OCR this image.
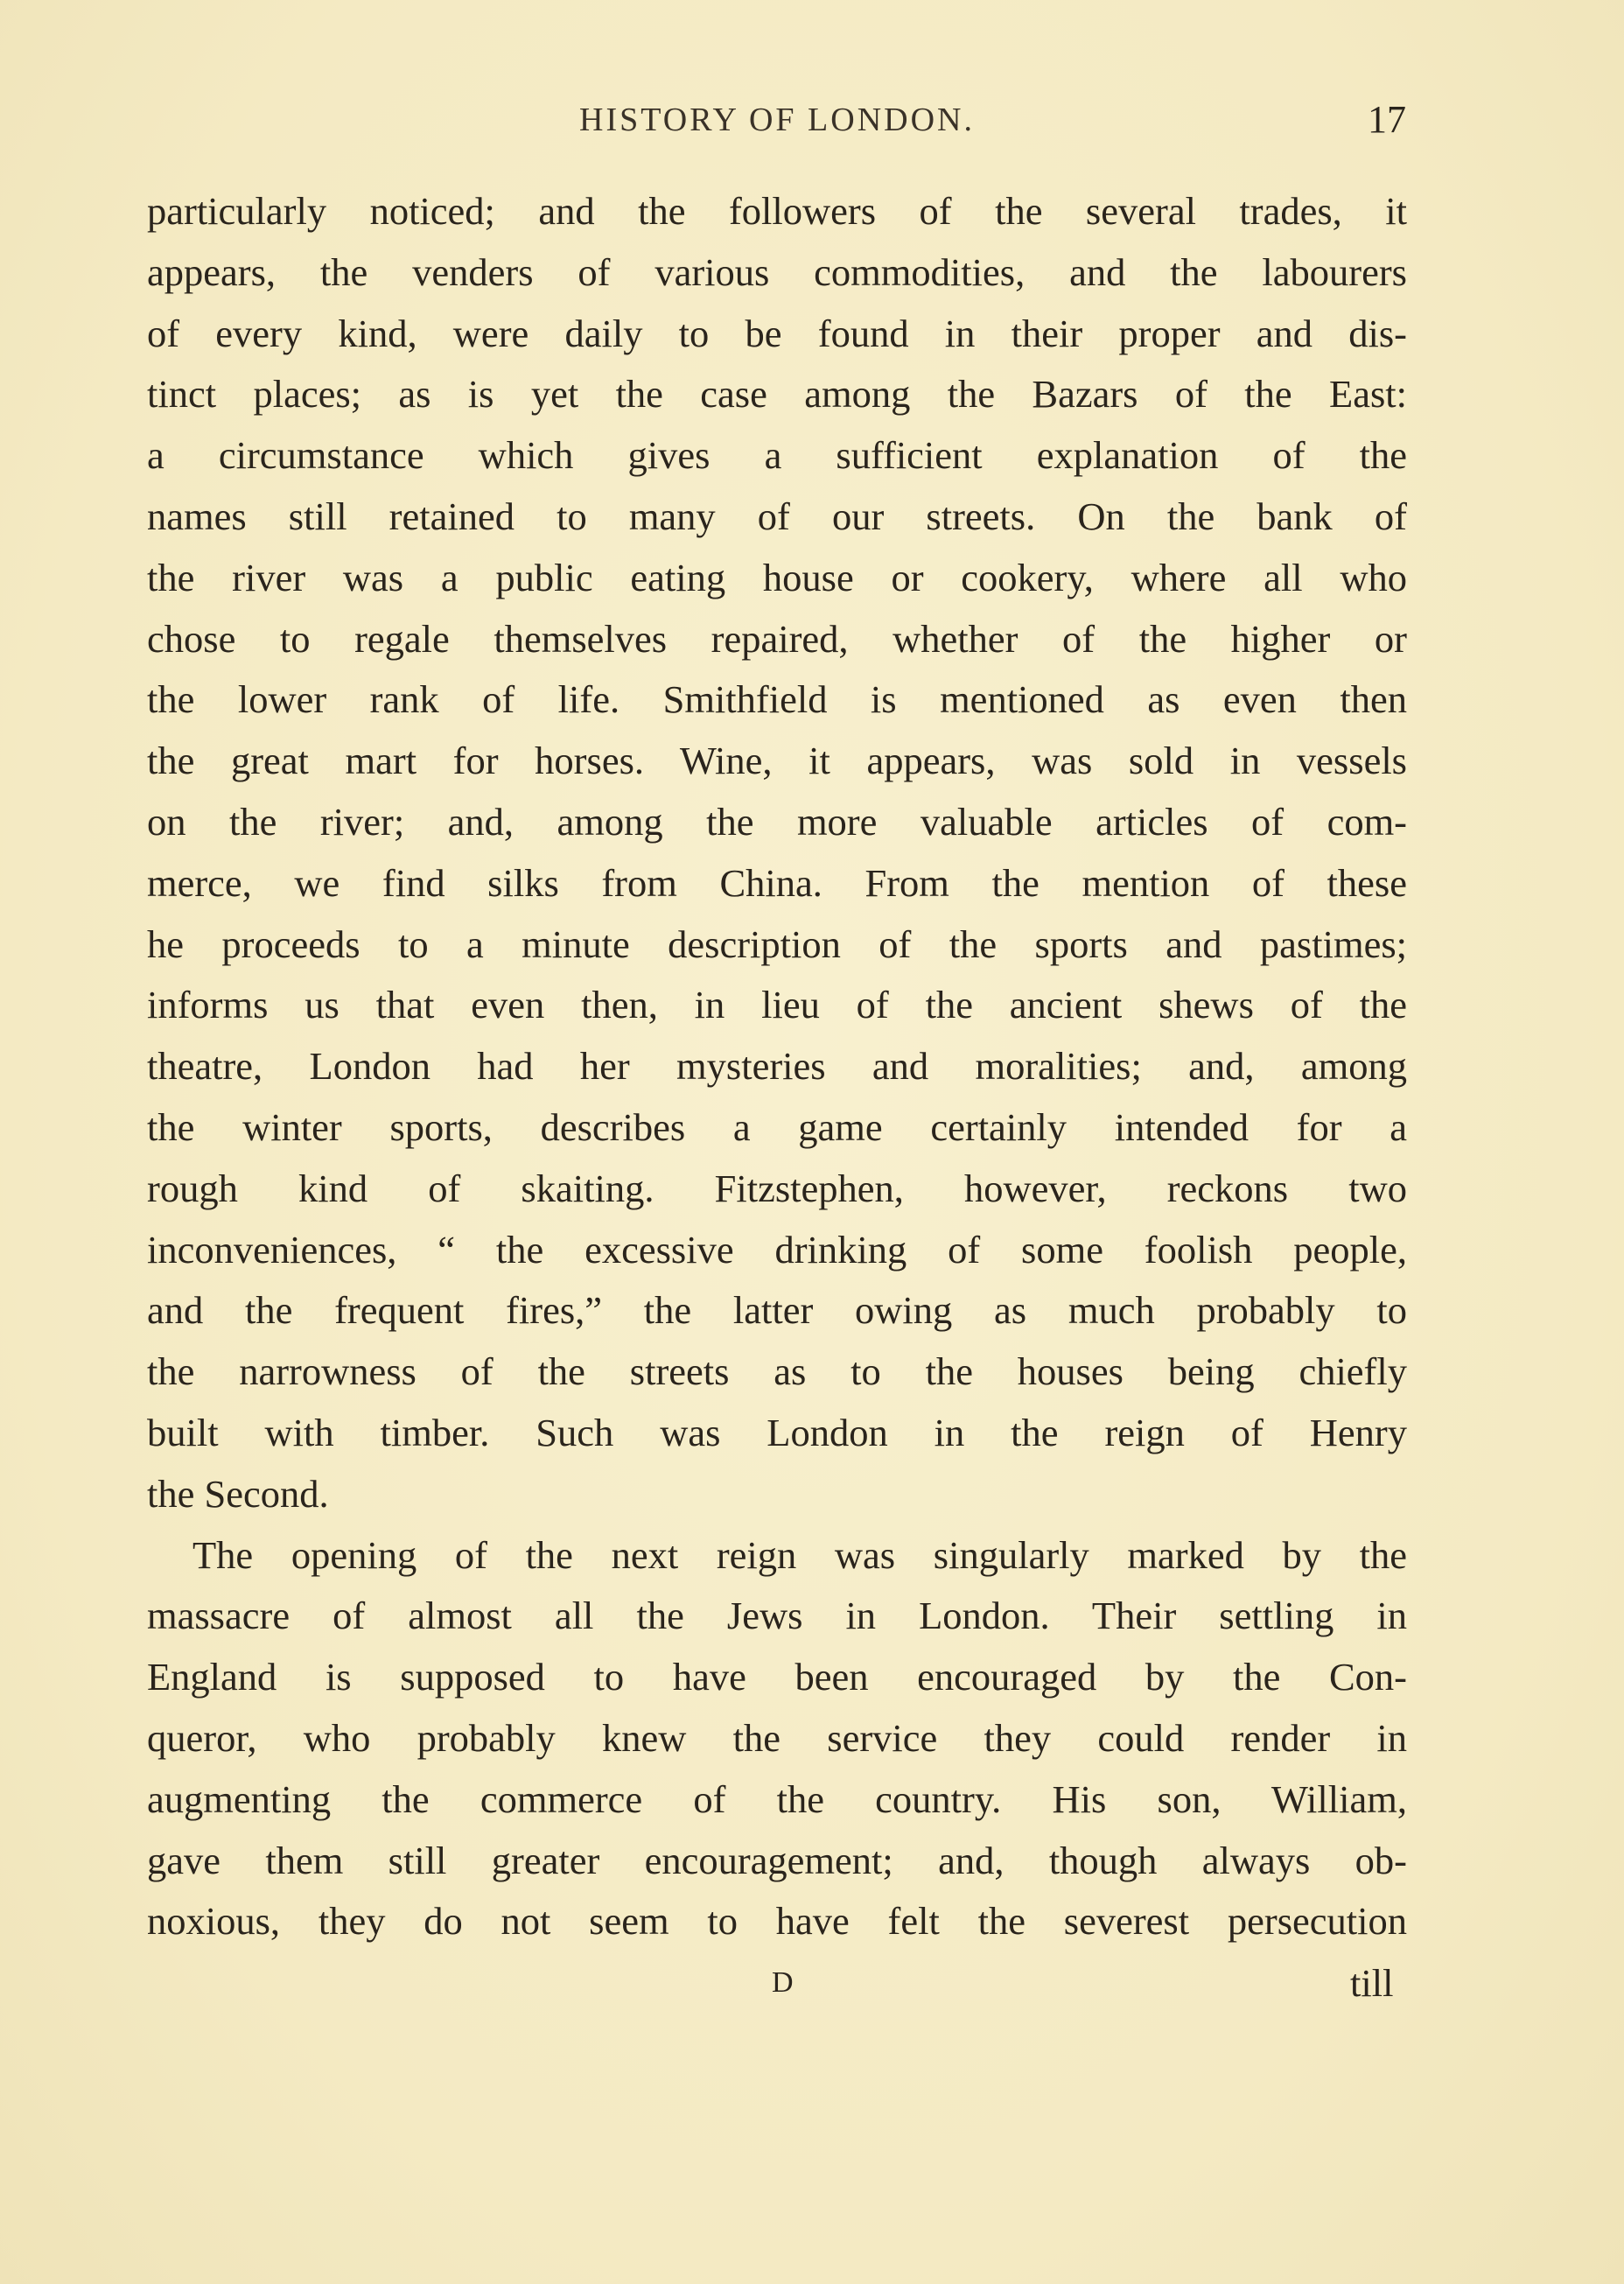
HISTORY OF LONDON.	17
particularly noticed; and the followers of the several trades, it
appears, the venders of various commodities, and the labourers
of every kind, were daily to be found in their proper and dis-
tinct places; as is yet the case among the Bazars of the East:
a circumstance which gives a sufficient explanation of the
names still retained to many of our streets. On the bank of
the river was a public eating house or cookery, where all who
chose to regale themselves repaired, whether of the higher or
the lower rank of life. Smithfield is mentioned as even then
the great mart for horses. Wine, it appears, was sold in vessels
on the river; and, among the more valuable articles of com-
merce, we find silks from China. From the mention of these
he proceeds to a minute description of the sports and pastimes;
informs us that even then, in lieu of the ancient shews of the
theatre, London had her mysteries and moralities; and, among
the winter sports, describes a game certainly intended for a
rough kind of skaiting. Fitzstephen, however, reckons two
inconveniences, “ the excessive drinking of some foolish people,
and the frequent fires,” the latter owing as much probably to
the narrowness of the streets as to the houses being chiefly
built with timber. Such was London in the reign of Henry
the Second.
The opening of the next reign was singularly marked by the
massacre of almost all the Jews in London. Their settling in
England is supposed to have been encouraged by the Con-
queror, who probably knew the service they could render in
augmenting the commerce of the country. His son, William,
gave them still greater encouragement; and, though always ob-
noxious, they do not seem to have felt the severest persecution
D	till
